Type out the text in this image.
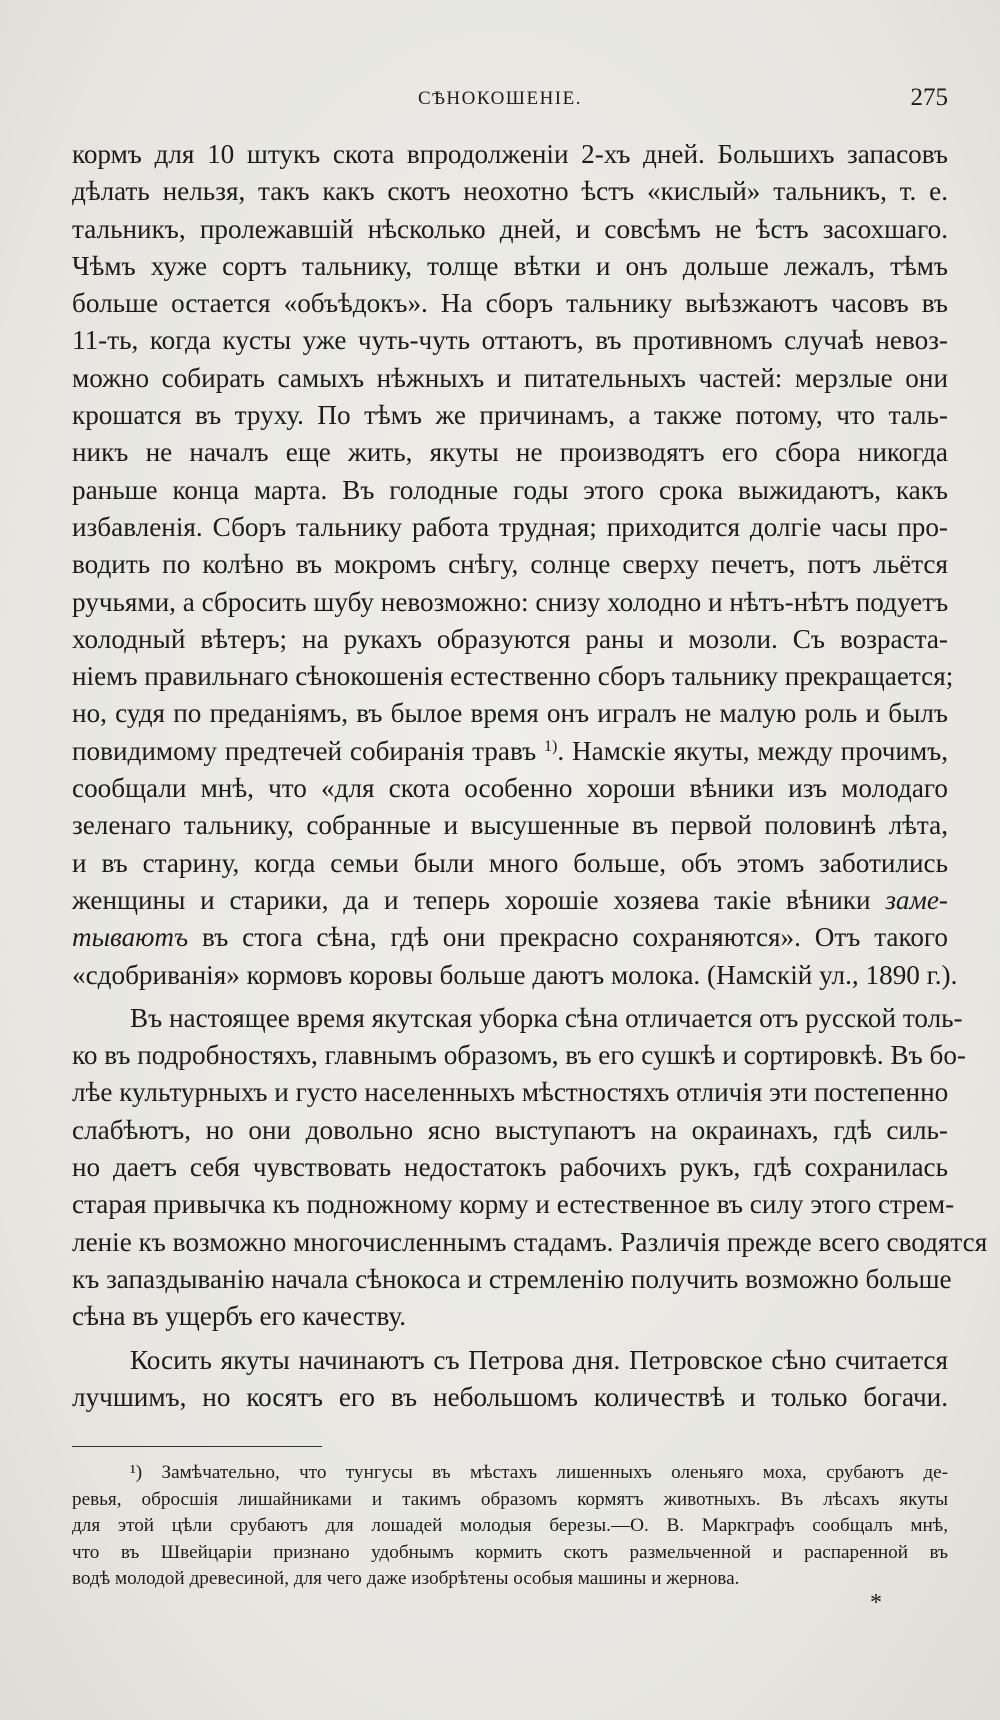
СѢНОКОШЕНІЕ.	275
кормъ для 10 штукъ скота впродолженіи 2-хъ дней. Большихъ запасовъ
дѣлать нельзя, такъ какъ скотъ неохотно ѣстъ «кислый» тальникъ, т. е.
тальникъ, пролежавшій нѣсколько дней, и совсѣмъ не ѣстъ засохшаго.
Чѣмъ хуже сортъ тальнику, толще вѣтки и онъ дольше лежалъ, тѣмъ
больше остается «объѣдокъ». На сборъ тальнику выѣзжаютъ часовъ въ
11-ть, когда кусты уже чуть-чуть оттаютъ, въ противномъ случаѣ невоз-
можно собирать самыхъ нѣжныхъ и питательныхъ частей: мерзлые они
крошатся въ труху. По тѣмъ же причинамъ, а также потому, что таль-
никъ не началъ еще жить, якуты не производятъ его сбора никогда
раньше конца марта. Въ голодные годы этого срока выжидаютъ, какъ
избавленія. Сборъ тальнику работа трудная; приходится долгіе часы про-
водить по колѣно въ мокромъ снѣгу, солнце сверху печетъ, потъ льётся
ручьями, а сбросить шубу невозможно: снизу холодно и нѣтъ-нѣтъ подуетъ
холодный вѣтеръ; на рукахъ образуются раны и мозоли. Съ возраста-
ніемъ правильнаго сѣнокошенія естественно сборъ тальнику прекращается;
но, судя по преданіямъ, въ былое время онъ игралъ не малую роль и былъ
повидимому предтечей собиранія травъ $^{1)}$. Намскіе якуты, между прочимъ,
сообщали мнѣ, что «для скота особенно хороши вѣники изъ молодаго
зеленаго тальнику, собранные и высушенные въ первой половинѣ лѣта,
и въ старину, когда семьи были много больше, объ этомъ заботились
женщины и старики, да и теперь хорошіе хозяева такіе вѣники заме-
тываютъ въ стога сѣна, гдѣ они прекрасно сохраняются». Отъ такого
«сдобриванія» кормовъ коровы больше даютъ молока. (Намскій ул., 1890 г.).
Въ настоящее время якутская уборка сѣна отличается отъ русской толь-
ко въ подробностяхъ, главнымъ образомъ, въ его сушкѣ и сортировкѣ. Въ бо-
лѣе культурныхъ и густо населенныхъ мѣстностяхъ отличія эти постепенно
слабѣютъ, но они довольно ясно выступаютъ на окраинахъ, гдѣ силь-
но даетъ себя чувствовать недостатокъ рабочихъ рукъ, гдѣ сохранилась
старая привычка къ подножному корму и естественное въ силу этого стрем-
леніе къ возможно многочисленнымъ стадамъ. Различія прежде всего сводятся
къ запаздыванію начала сѣнокоса и стремленію получить возможно больше
сѣна въ ущербъ его качеству.
Косить якуты начинаютъ съ Петрова дня. Петровское сѣно считается
лучшимъ, но косятъ его въ небольшомъ количествѣ и только богачи.
¹) Замѣчательно, что тунгусы въ мѣстахъ лишенныхъ оленьяго моха, срубаютъ де-
ревья, обросшія лишайниками и такимъ образомъ кормятъ животныхъ. Въ лѣсахъ якуты
для этой цѣли срубаютъ для лошадей молодыя березы.—О. В. Маркграфъ сообщалъ мнѣ,
что въ Швейцаріи признано удобнымъ кормить скотъ размельченной и распаренной въ
водѣ молодой древесиной, для чего даже изобрѣтены особыя машины и жернова.
*
